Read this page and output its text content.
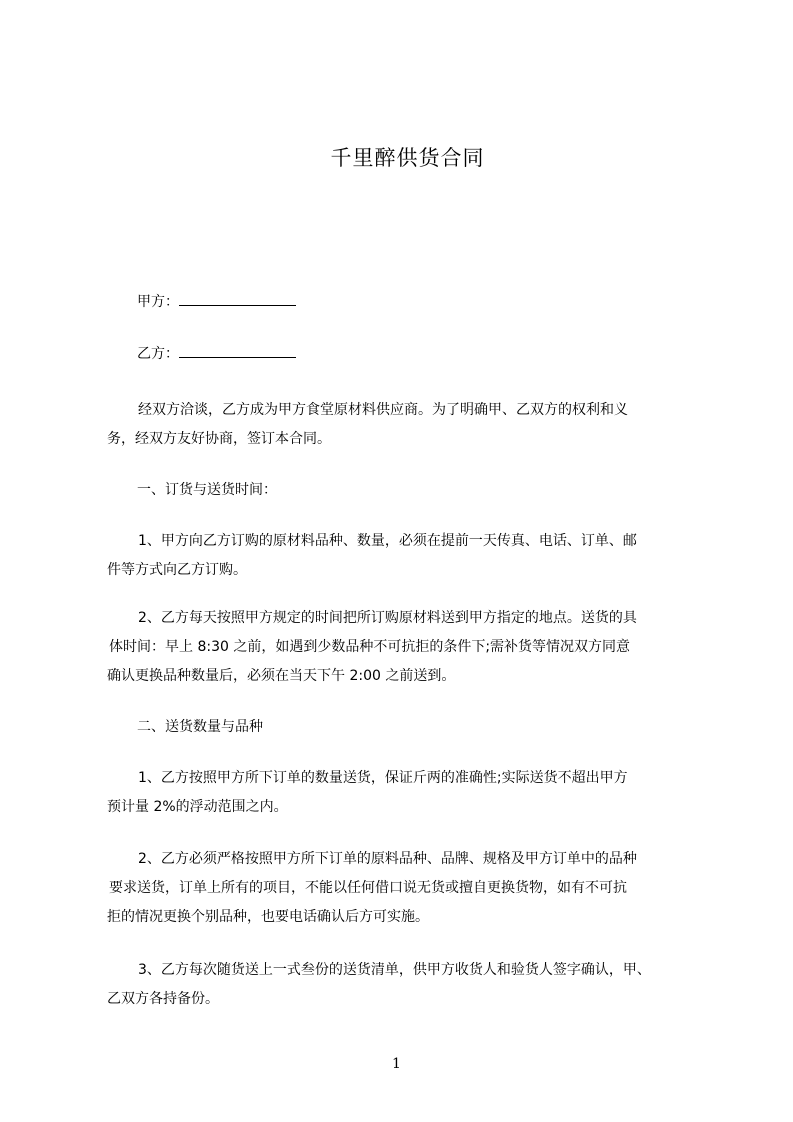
千里醉供货合同
甲方：
乙方：
经双方洽谈，乙方成为甲方食堂原材料供应商。为了明确甲、乙双方的权利和义
务，经双方友好协商，签订本合同。
一、订货与送货时间：
1、甲方向乙方订购的原材料品种、数量，必须在提前一天传真、电话、订单、邮
件等方式向乙方订购。
2、乙方每天按照甲方规定的时间把所订购原材料送到甲方指定的地点。送货的具
体时间：早上 8:30 之前，如遇到少数品种不可抗拒的条件下;需补货等情况双方同意
确认更换品种数量后，必须在当天下午 2:00 之前送到。
二、送货数量与品种
1、乙方按照甲方所下订单的数量送货，保证斤两的准确性;实际送货不超出甲方
预计量 2%的浮动范围之内。
2、乙方必须严格按照甲方所下订单的原料品种、品牌、规格及甲方订单中的品种
要求送货，订单上所有的项目，不能以任何借口说无货或擅自更换货物，如有不可抗
拒的情况更换个别品种，也要电话确认后方可实施。
3、乙方每次随货送上一式叁份的送货清单，供甲方收货人和验货人签字确认，甲、
乙双方各持备份。
1
